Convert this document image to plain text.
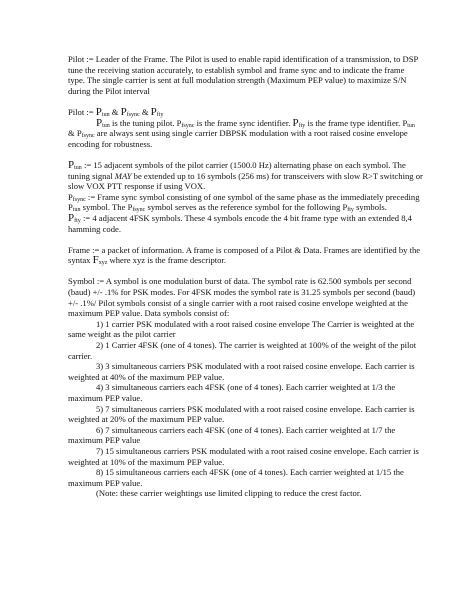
Pilot := Leader of the Frame. The Pilot is used to enable rapid identification of a transmission, to DSP tune the receiving station accurately, to establish symbol and frame sync and to indicate the frame type. The single carrier is sent at full modulation strength (Maximum PEP value) to maximize S/N during the Pilot interval

Pilot := $P_{tun}$ & $P_{fsync}$ & $P_{fty}$

$P_{tun}$ is the tuning pilot. $P_{fsync}$ is the frame sync identifier. $P_{fty}$ is the frame type identifier. $P_{tun}$ & $P_{fsync}$ are always sent using single carrier DBPSK modulation with a root raised cosine envelope encoding for robustness.

$P_{tun}$ := 15 adjacent symbols of the pilot carrier (1500.0 Hz) alternating phase on each symbol. The tuning signal MAY be extended up to 16 symbols (256 ms) for transceivers with slow R>T switching or slow VOX PTT response if using VOX.

$P_{fsync}$ := Frame sync symbol consisting of one symbol of the same phase as the immediately preceding $P_{tun}$ symbol. The $P_{fsync}$ symbol serves as the reference symbol for the following $P_{fty}$ symbols.

$P_{fty}$ := 4 adjacent 4FSK symbols. These 4 symbols encode the 4 bit frame type with an extended 8,4 hamming code.

Frame := a packet of information. A frame is composed of a Pilot & Data. Frames are identified by the syntax $F_{xyz}$ where xyz is the frame descriptor.

Symbol := A symbol is one modulation burst of data. The symbol rate is 62.500 symbols per second (baud) +/- .1% for PSK modes. For 4FSK modes the symbol rate is 31.25 symbols per second (baud) +/- .1%/ Pilot symbols consist of a single carrier with a root raised cosine envelope weighted at the maximum PEP value. Data symbols consist of:

1) 1 carrier PSK modulated with a root raised cosine envelope The Carrier is weighted at the same weight as the pilot carrier

2) 1 Carrier 4FSK (one of 4 tones). The carrier is weighted at 100% of the weight of the pilot carrier.

3) 3 simultaneous carriers PSK modulated with a root raised cosine envelope. Each carrier is weighted at 40% of the maximum PEP value.

4) 3 simultaneous carriers each 4FSK (one of 4 tones). Each carrier weighted at 1/3 the maximum PEP value.

5) 7 simultaneous carriers PSK modulated with a root raised cosine envelope. Each carrier is weighted at 20% of the maximum PEP value.

6) 7 simultaneous carriers each 4FSK (one of 4 tones). Each carrier weighted at 1/7 the maximum PEP value

7) 15 simultaneous carriers PSK modulated with a root raised cosine envelope. Each carrier is weighted at 10% of the maximum PEP value.

8) 15 simultaneous carriers each 4FSK (one of 4 tones). Each carrier weighted at 1/15 the maximum PEP value.

(Note: these carrier weightings use limited clipping to reduce the crest factor.
